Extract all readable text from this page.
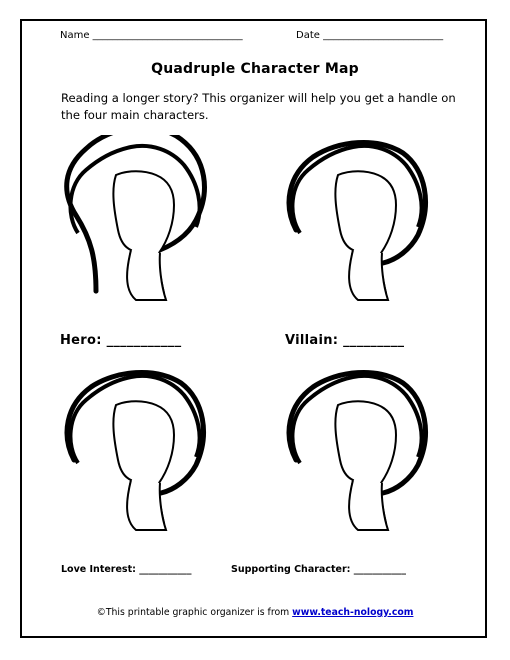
Name ______________________________	Date ________________________
Quadruple Character Map
Reading a longer story? This organizer will help you get a handle on the four main characters.
Hero: ___________	Villain: _________
Love Interest: ___________	Supporting Character: ___________
©This printable graphic organizer is from www.teach-nology.com
